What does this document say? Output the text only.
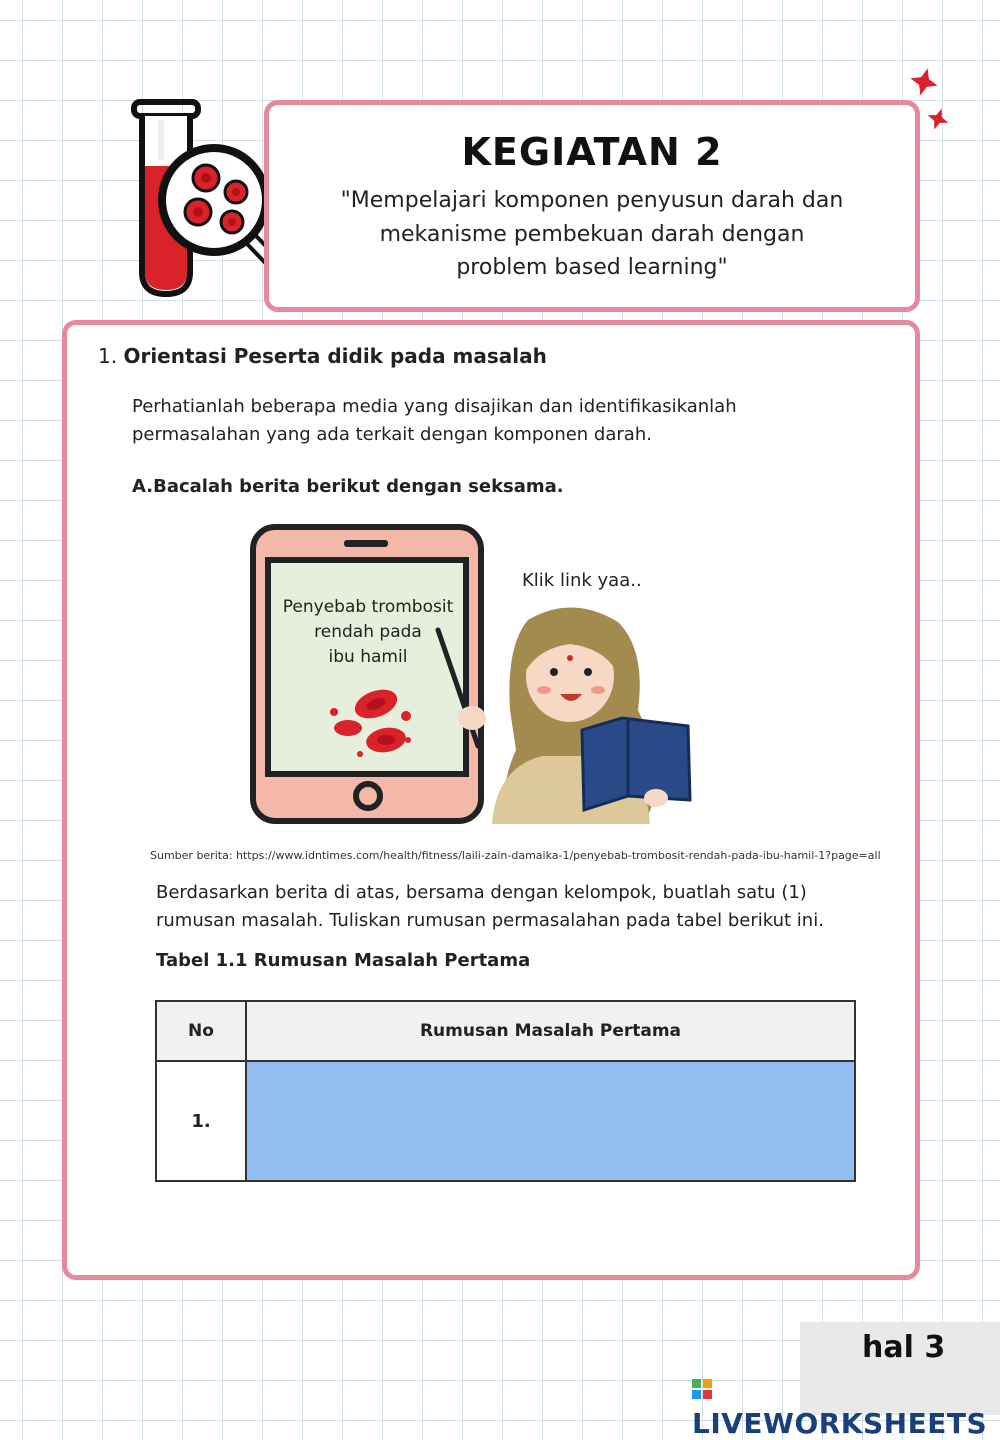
KEGIATAN 2
"Mempelajari komponen penyusun darah dan
mekanisme pembekuan darah dengan
problem based learning"
1. Orientasi Peserta didik pada masalah
Perhatianlah beberapa media yang disajikan dan identifikasikanlah
permasalahan yang ada terkait dengan komponen darah.
A.Bacalah berita berikut dengan seksama.
Penyebab trombosit
rendah pada
ibu hamil
Klik link yaa..
Sumber berita: https://www.idntimes.com/health/fitness/laili-zain-damaika-1/penyebab-trombosit-rendah-pada-ibu-hamil-1?page=all
Berdasarkan berita di atas, bersama dengan kelompok, buatlah satu (1)
rumusan masalah. Tuliskan rumusan permasalahan pada tabel berikut ini.
Tabel 1.1 Rumusan Masalah Pertama
No	Rumusan Masalah Pertama
1.	
hal 3
LIVEWORKSHEETS
